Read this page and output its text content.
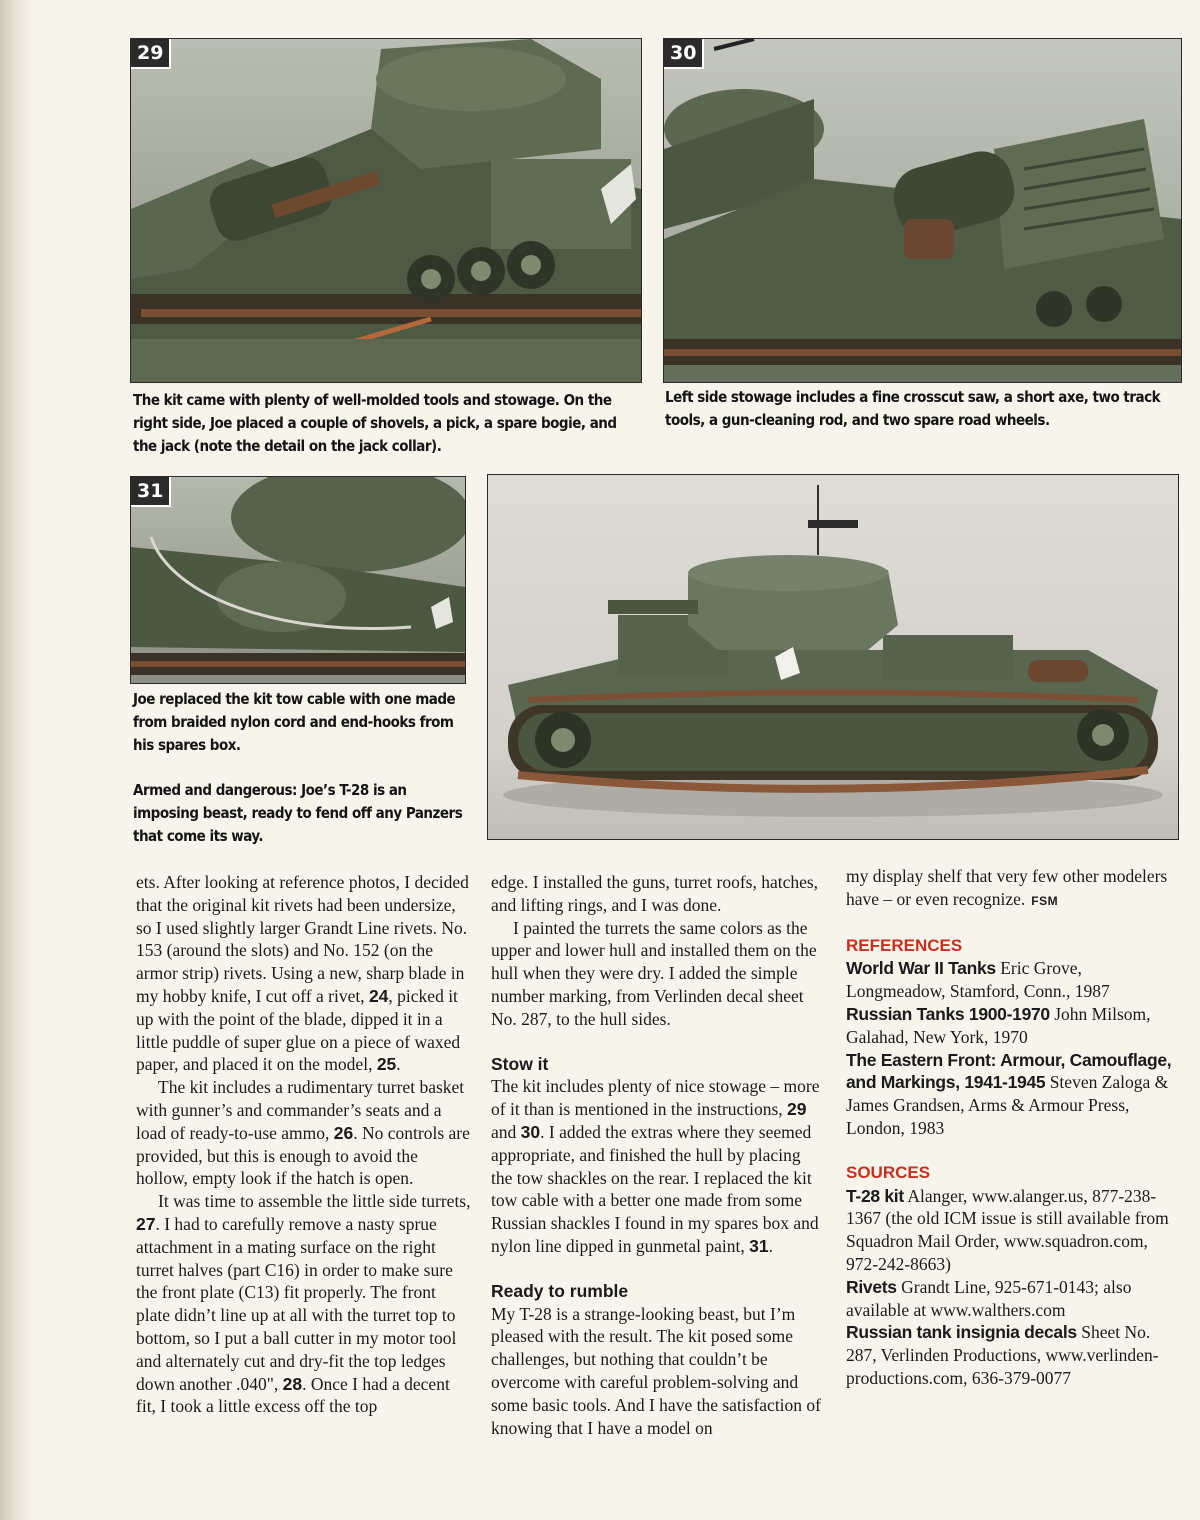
29	30
The kit came with plenty of well-molded tools and stowage. On the right side, Joe placed a couple of shovels, a pick, a spare bogie, and the jack (note the detail on the jack collar).
Left side stowage includes a fine crosscut saw, a short axe, two track tools, a gun-cleaning rod, and two spare road wheels.
31
Joe replaced the kit tow cable with one made from braided nylon cord and end-hooks from his spares box.
Armed and dangerous: Joe’s T-28 is an imposing beast, ready to fend off any Panzers that come its way.

ets. After looking at reference photos, I decided that the original kit rivets had been undersize, so I used slightly larger Grandt Line rivets. No. 153 (around the slots) and No. 152 (on the armor strip) rivets. Using a new, sharp blade in my hobby knife, I cut off a rivet, 24, picked it up with the point of the blade, dipped it in a little puddle of super glue on a piece of waxed paper, and placed it on the model, 25.

The kit includes a rudimentary turret basket with gunner’s and commander’s seats and a load of ready-to-use ammo, 26. No controls are provided, but this is enough to avoid the hollow, empty look if the hatch is open.

It was time to assemble the little side turrets, 27. I had to carefully remove a nasty sprue attachment in a mating surface on the right turret halves (part C16) in order to make sure the front plate (C13) fit properly. The front plate didn’t line up at all with the turret top to bottom, so I put a ball cutter in my motor tool and alternately cut and dry-fit the top ledges down another .040", 28. Once I had a decent fit, I took a little excess off the top

edge. I installed the guns, turret roofs, hatches, and lifting rings, and I was done.

I painted the turrets the same colors as the upper and lower hull and installed them on the hull when they were dry. I added the simple number marking, from Verlinden decal sheet No. 287, to the hull sides.

Stow it

The kit includes plenty of nice stowage – more of it than is mentioned in the instructions, 29 and 30. I added the extras where they seemed appropriate, and finished the hull by placing the tow shackles on the rear. I replaced the kit tow cable with a better one made from some Russian shackles I found in my spares box and nylon line dipped in gunmetal paint, 31.

Ready to rumble

My T-28 is a strange-looking beast, but I’m pleased with the result. The kit posed some challenges, but nothing that couldn’t be overcome with careful problem-solving and some basic tools. And I have the satisfaction of knowing that I have a model on

my display shelf that very few other modelers have – or even recognize. FSM

REFERENCES

World War II Tanks Eric Grove, Longmeadow, Stamford, Conn., 1987

Russian Tanks 1900-1970 John Milsom, Galahad, New York, 1970

The Eastern Front: Armour, Camouflage, and Markings, 1941-1945 Steven Zaloga & James Grandsen, Arms & Armour Press, London, 1983

SOURCES

T-28 kit Alanger, www.alanger.us, 877-238-1367 (the old ICM issue is still available from Squadron Mail Order, www.squadron.com, 972-242-8663)

Rivets Grandt Line, 925-671-0143; also available at www.walthers.com

Russian tank insignia decals Sheet No. 287, Verlinden Productions, www.verlinden-productions.com, 636-379-0077
